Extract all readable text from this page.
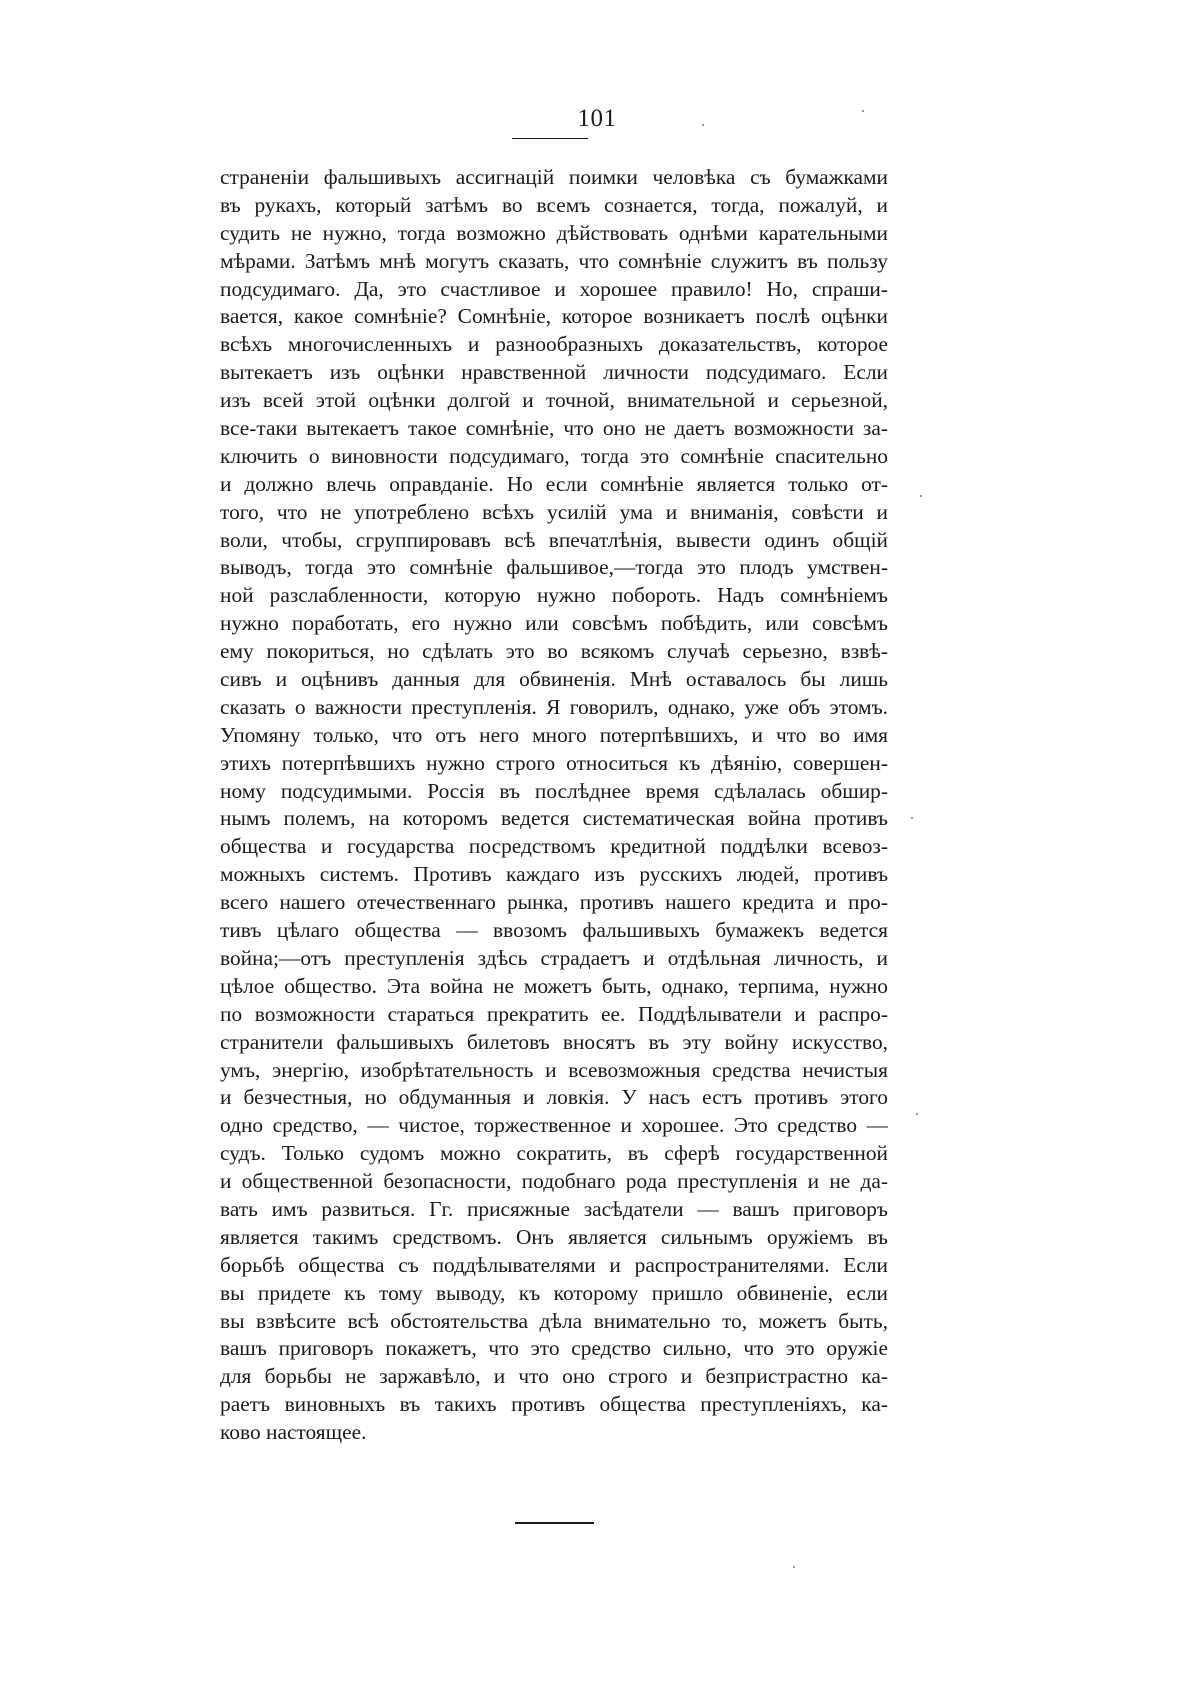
101
страненіи фальшивыхъ ассигнацій поимки человѣка съ бумажками
въ рукахъ, который затѣмъ во всемъ сознается, тогда, пожалуй, и
судить не нужно, тогда возможно дѣйствовать однѣми карательными
мѣрами. Затѣмъ мнѣ могутъ сказать, что сомнѣніе служитъ въ пользу
подсудимаго. Да, это счастливое и хорошее правило! Но, спраши-
вается, какое сомнѣніе? Сомнѣніе, которое возникаетъ послѣ оцѣнки
всѣхъ многочисленныхъ и разнообразныхъ доказательствъ, которое
вытекаетъ изъ оцѣнки нравственной личности подсудимаго. Если
изъ всей этой оцѣнки долгой и точной, внимательной и серьезной,
все-таки вытекаетъ такое сомнѣніе, что оно не даетъ возможности за-
ключить о виновности подсудимаго, тогда это сомнѣніе спасительно
и должно влечь оправданіе. Но если сомнѣніе является только от-
того, что не употреблено всѣхъ усилій ума и вниманія, совѣсти и
воли, чтобы, сгруппировавъ всѣ впечатлѣнія, вывести одинъ общій
выводъ, тогда это сомнѣніе фальшивое,—тогда это плодъ умствен-
ной разслабленности, которую нужно побороть. Надъ сомнѣніемъ
нужно поработать, его нужно или совсѣмъ побѣдить, или совсѣмъ
ему покориться, но сдѣлать это во всякомъ случаѣ серьезно, взвѣ-
сивъ и оцѣнивъ данныя для обвиненія. Мнѣ оставалось бы лишь
сказать о важности преступленія. Я говорилъ, однако, уже объ этомъ.
Упомяну только, что отъ него много потерпѣвшихъ, и что во имя
этихъ потерпѣвшихъ нужно строго относиться къ дѣянію, совершен-
ному подсудимыми. Россія въ послѣднее время сдѣлалась обшир-
нымъ полемъ, на которомъ ведется систематическая война противъ
общества и государства посредствомъ кредитной поддѣлки всевоз-
можныхъ системъ. Противъ каждаго изъ русскихъ людей, противъ
всего нашего отечественнаго рынка, противъ нашего кредита и про-
тивъ цѣлаго общества — ввозомъ фальшивыхъ бумажекъ ведется
война;—отъ преступленія здѣсь страдаетъ и отдѣльная личность, и
цѣлое общество. Эта война не можетъ быть, однако, терпима, нужно
по возможности стараться прекратить ее. Поддѣлыватели и распро-
странители фальшивыхъ билетовъ вносятъ въ эту войну искусство,
умъ, энергію, изобрѣтательность и всевозможныя средства нечистыя
и безчестныя, но обдуманныя и ловкія. У насъ естъ противъ этого
одно средство, — чистое, торжественное и хорошее. Это средство —
судъ. Только судомъ можно сократить, въ сферѣ государственной
и общественной безопасности, подобнаго рода преступленія и не да-
вать имъ развиться. Гг. присяжные засѣдатели — вашъ приговоръ
является такимъ средствомъ. Онъ является сильнымъ оружіемъ въ
борьбѣ общества съ поддѣлывателями и распространителями. Если
вы придете къ тому выводу, къ которому пришло обвиненіе, если
вы взвѣсите всѣ обстоятельства дѣла внимательно то, можетъ быть,
вашъ приговоръ покажетъ, что это средство сильно, что это оружіе
для борьбы не заржавѣло, и что оно строго и безпристрастно ка-
раетъ виновныхъ въ такихъ противъ общества преступленіяхъ, ка-
ково настоящее.
